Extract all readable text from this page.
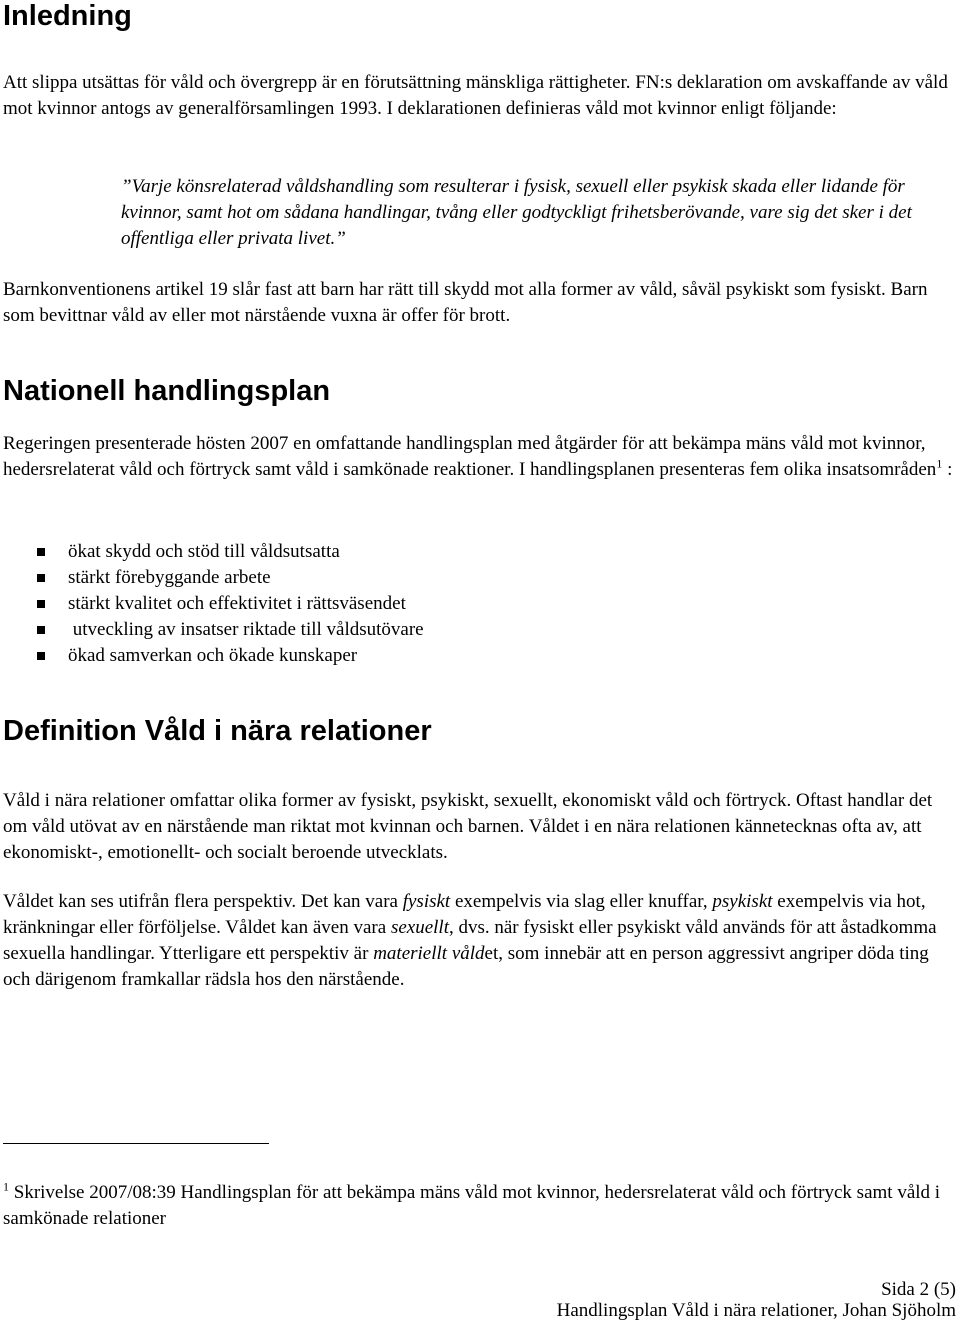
Inledning

Att slippa utsättas för våld och övergrepp är en förutsättning mänskliga rättigheter. FN:s deklaration om avskaffande av våld mot kvinnor antogs av generalförsamlingen 1993. I deklarationen definieras våld mot kvinnor enligt följande:

”Varje könsrelaterad våldshandling som resulterar i fysisk, sexuell eller psykisk skada eller lidande för kvinnor, samt hot om sådana handlingar, tvång eller godtyckligt frihetsberövande, vare sig det sker i det offentliga eller privata livet.”

Barnkonventionens artikel 19 slår fast att barn har rätt till skydd mot alla former av våld, såväl psykiskt som fysiskt. Barn som bevittnar våld av eller mot närstående vuxna är offer för brott.

Nationell handlingsplan

Regeringen presenterade hösten 2007 en omfattande handlingsplan med åtgärder för att bekämpa mäns våld mot kvinnor, hedersrelaterat våld och förtryck samt våld i samkönade reaktioner. I handlingsplanen presenteras fem olika insatsområden$^1$ :

ökat skydd och stöd till våldsutsatta
stärkt förebyggande arbete
stärkt kvalitet och effektivitet i rättsväsendet
utveckling av insatser riktade till våldsutövare
ökad samverkan och ökade kunskaper
Definition Våld i nära relationer

Våld i nära relationer omfattar olika former av fysiskt, psykiskt, sexuellt, ekonomiskt våld och förtryck. Oftast handlar det om våld utövat av en närstående man riktat mot kvinnan och barnen. Våldet i en nära relationen kännetecknas ofta av, att ekonomiskt-, emotionellt- och socialt beroende utvecklats.

Våldet kan ses utifrån flera perspektiv. Det kan vara fysiskt exempelvis via slag eller knuffar, psykiskt exempelvis via hot, kränkningar eller förföljelse. Våldet kan även vara sexuellt, dvs. när fysiskt eller psykiskt våld används för att åstadkomma sexuella handlingar. Ytterligare ett perspektiv är materiellt våldet, som innebär att en person aggressivt angriper döda ting och därigenom framkallar rädsla hos den närstående.

$^1$ Skrivelse 2007/08:39 Handlingsplan för att bekämpa mäns våld mot kvinnor, hedersrelaterat våld och förtryck samt våld i samkönade relationer

Sida 2 (5)
Handlingsplan Våld i nära relationer, Johan Sjöholm
